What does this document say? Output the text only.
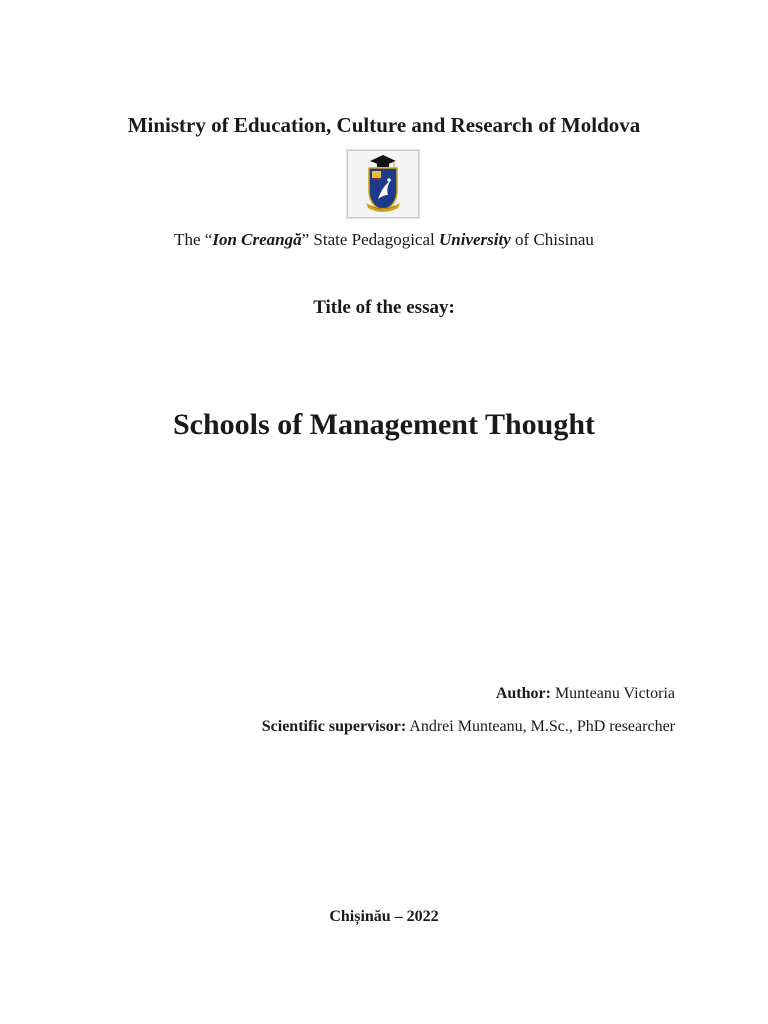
Ministry of Education, Culture and Research of Moldova
The “Ion Creangă” State Pedagogical University of Chisinau
Title of the essay:
Schools of Management Thought
Author: Munteanu Victoria
Scientific supervisor: Andrei Munteanu, M.Sc., PhD researcher
Chișinău – 2022
